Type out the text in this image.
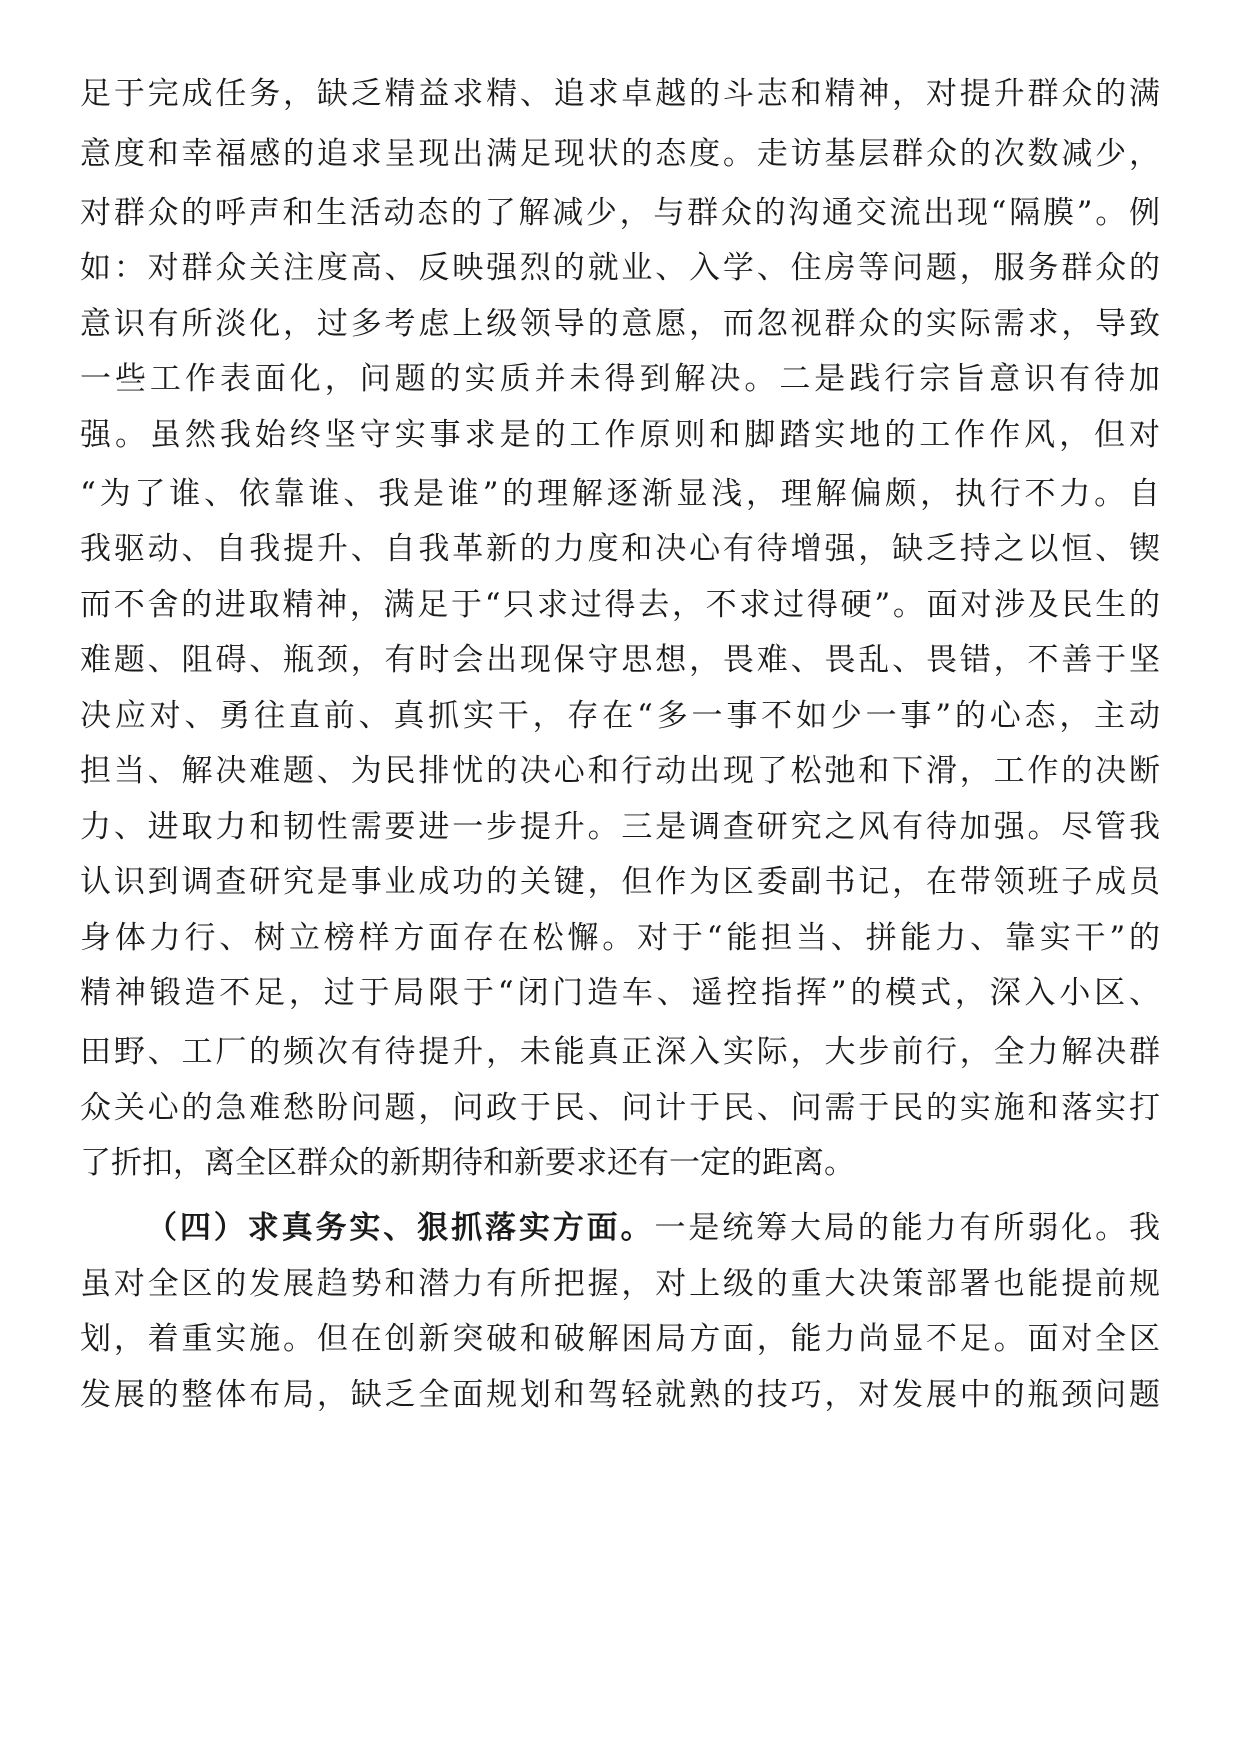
足于完成任务，缺乏精益求精、追求卓越的斗志和精神，对提升群众的满
意度和幸福感的追求呈现出满足现状的态度。走访基层群众的次数减少，
对群众的呼声和生活动态的了解减少，与群众的沟通交流出现“隔膜”。例
如：对群众关注度高、反映强烈的就业、入学、住房等问题，服务群众的
意识有所淡化，过多考虑上级领导的意愿，而忽视群众的实际需求，导致
一些工作表面化，问题的实质并未得到解决。二是践行宗旨意识有待加
强。虽然我始终坚守实事求是的工作原则和脚踏实地的工作作风，但对
“为了谁、依靠谁、我是谁”的理解逐渐显浅，理解偏颇，执行不力。自
我驱动、自我提升、自我革新的力度和决心有待增强，缺乏持之以恒、锲
而不舍的进取精神，满足于“只求过得去，不求过得硬”。面对涉及民生的
难题、阻碍、瓶颈，有时会出现保守思想，畏难、畏乱、畏错，不善于坚
决应对、勇往直前、真抓实干，存在“多一事不如少一事”的心态，主动
担当、解决难题、为民排忧的决心和行动出现了松弛和下滑，工作的决断
力、进取力和韧性需要进一步提升。三是调查研究之风有待加强。尽管我
认识到调查研究是事业成功的关键，但作为区委副书记，在带领班子成员
身体力行、树立榜样方面存在松懈。对于“能担当、拼能力、靠实干”的
精神锻造不足，过于局限于“闭门造车、遥控指挥”的模式，深入小区、
田野、工厂的频次有待提升，未能真正深入实际，大步前行，全力解决群
众关心的急难愁盼问题，问政于民、问计于民、问需于民的实施和落实打
了折扣，离全区群众的新期待和新要求还有一定的距离。
（四）求真务实、狠抓落实方面。一是统筹大局的能力有所弱化。我
虽对全区的发展趋势和潜力有所把握，对上级的重大决策部署也能提前规
划，着重实施。但在创新突破和破解困局方面，能力尚显不足。面对全区
发展的整体布局，缺乏全面规划和驾轻就熟的技巧，对发展中的瓶颈问题
